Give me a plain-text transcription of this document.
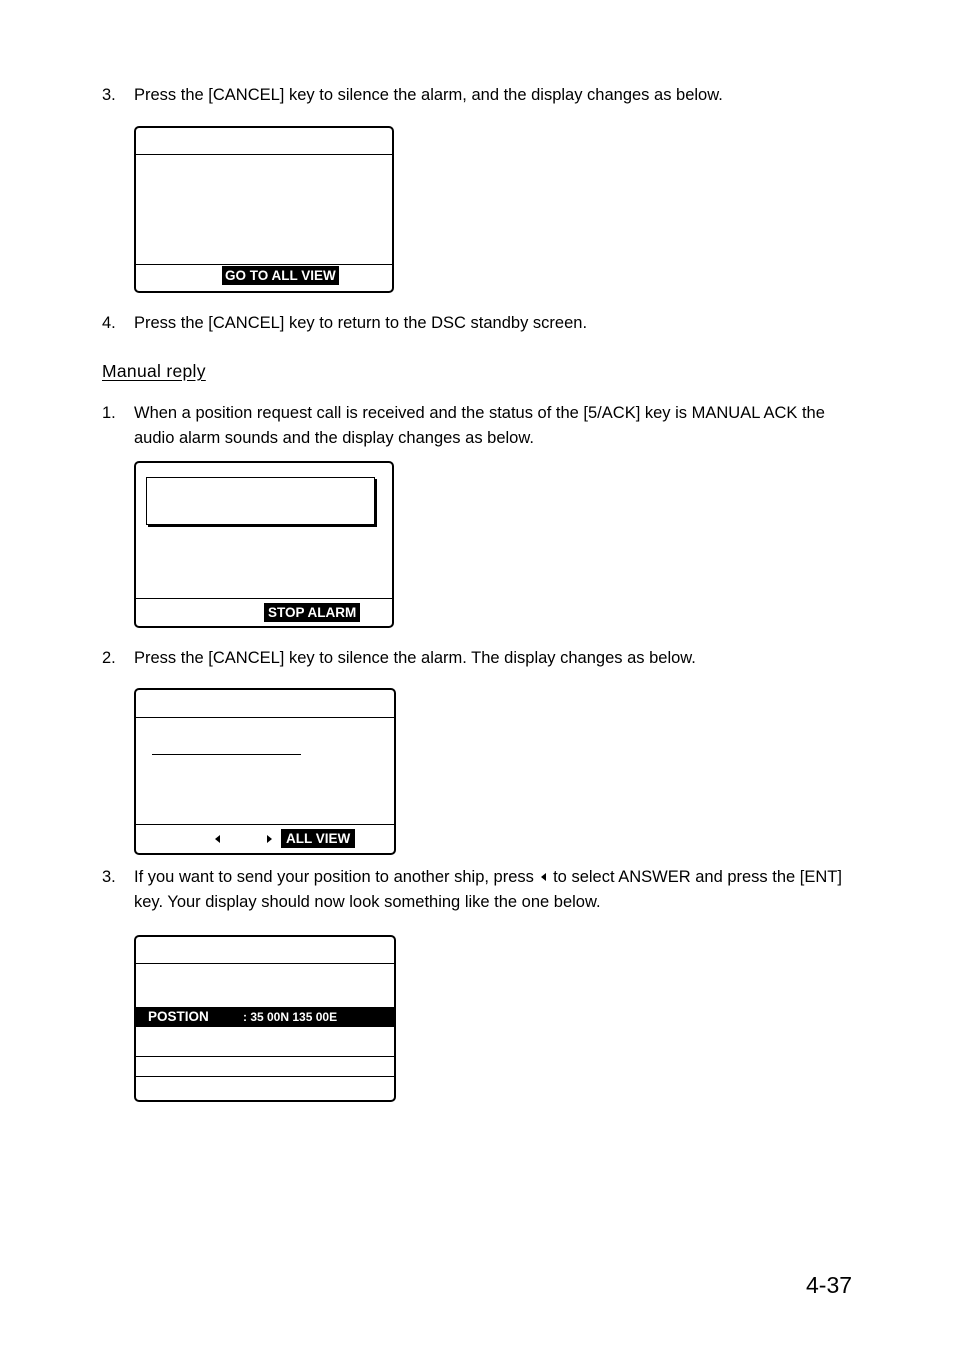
3. Press the [CANCEL] key to silence the alarm, and the display changes as below.
GO TO ALL VIEW
4. Press the [CANCEL] key to return to the DSC standby screen.
Manual reply
1. When a position request call is received and the status of the [5/ACK] key is MANUAL ACK the audio alarm sounds and the display changes as below.
STOP ALARM
2. Press the [CANCEL] key to silence the alarm. The display changes as below.
ALL VIEW
3. If you want to send your position to another ship, press to select ANSWER and press the [ENT] key. Your display should now look something like the one below.
POSTION	: 35 00N 135 00E
4-37
